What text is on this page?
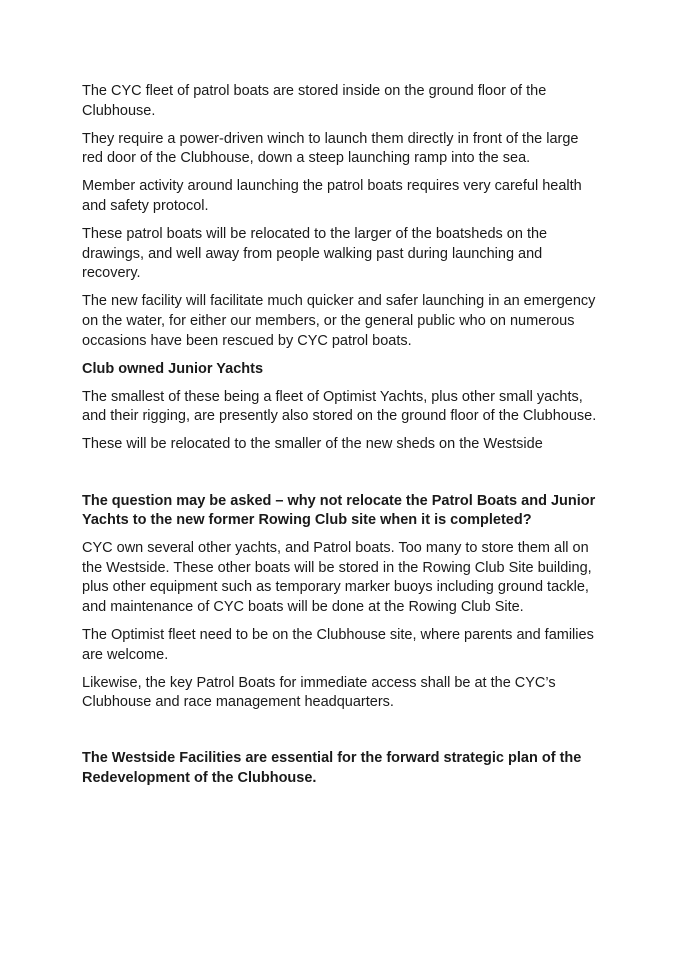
The CYC fleet of patrol boats are stored inside on the ground floor of the Clubhouse.

They require a power-driven winch to launch them directly in front of the large red door of the Clubhouse, down a steep launching ramp into the sea.

Member activity around launching the patrol boats requires very careful health and safety protocol.

These patrol boats will be relocated to the larger of the boatsheds on the drawings, and well away from people walking past during launching and recovery.

The new facility will facilitate much quicker and safer launching in an emergency on the water, for either our members, or the general public who on numerous occasions have been rescued by CYC patrol boats.

Club owned Junior Yachts

The smallest of these being a fleet of Optimist Yachts, plus other small yachts, and their rigging, are presently also stored on the ground floor of the Clubhouse.

These will be relocated to the smaller of the new sheds on the Westside

The question may be asked – why not relocate the Patrol Boats and Junior Yachts to the new former Rowing Club site when it is completed?

CYC own several other yachts, and Patrol boats. Too many to store them all on the Westside. These other boats will be stored in the Rowing Club Site building, plus other equipment such as temporary marker buoys including ground tackle, and maintenance of CYC boats will be done at the Rowing Club Site.

The Optimist fleet need to be on the Clubhouse site, where parents and families are welcome.

Likewise, the key Patrol Boats for immediate access shall be at the CYC’s Clubhouse and race management headquarters.

The Westside Facilities are essential for the forward strategic plan of the Redevelopment of the Clubhouse.
